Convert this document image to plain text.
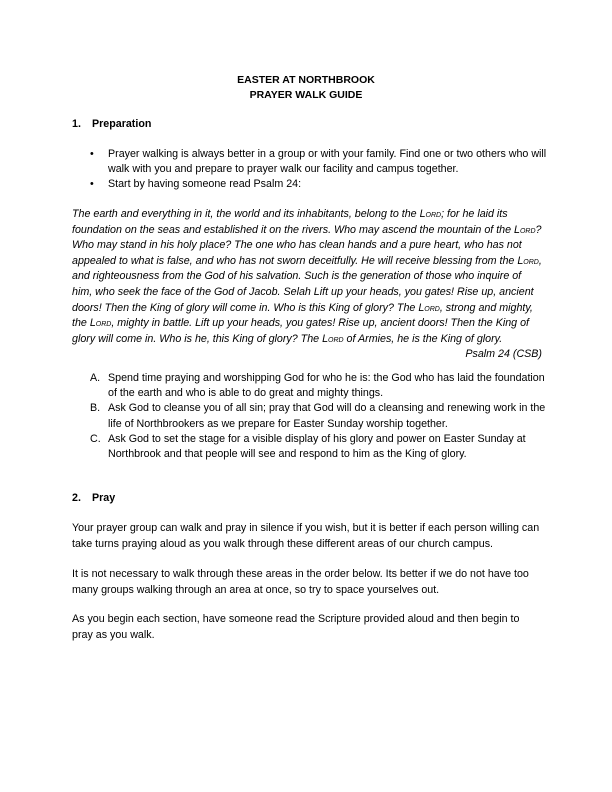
EASTER AT NORTHBROOK
PRAYER WALK GUIDE
1. Preparation
• Prayer walking is always better in a group or with your family. Find one or two others who will walk with you and prepare to prayer walk our facility and campus together.
• Start by having someone read Psalm 24:
The earth and everything in it, the world and its inhabitants, belong to the Lord; for he laid its foundation on the seas and established it on the rivers. Who may ascend the mountain of the Lord? Who may stand in his holy place? The one who has clean hands and a pure heart, who has not appealed to what is false, and who has not sworn deceitfully. He will receive blessing from the Lord, and righteousness from the God of his salvation. Such is the generation of those who inquire of him, who seek the face of the God of Jacob. Selah Lift up your heads, you gates! Rise up, ancient doors! Then the King of glory will come in. Who is this King of glory? The Lord, strong and mighty, the Lord, mighty in battle. Lift up your heads, you gates! Rise up, ancient doors! Then the King of glory will come in. Who is he, this King of glory? The Lord of Armies, he is the King of glory.
Psalm 24 (CSB)
A. Spend time praying and worshipping God for who he is: the God who has laid the foundation of the earth and who is able to do great and mighty things.
B. Ask God to cleanse you of all sin; pray that God will do a cleansing and renewing work in the life of Northbrookers as we prepare for Easter Sunday worship together.
C. Ask God to set the stage for a visible display of his glory and power on Easter Sunday at Northbrook and that people will see and respond to him as the King of glory.
2. Pray
Your prayer group can walk and pray in silence if you wish, but it is better if each person willing can take turns praying aloud as you walk through these different areas of our church campus.
It is not necessary to walk through these areas in the order below. Its better if we do not have too many groups walking through an area at once, so try to space yourselves out.
As you begin each section, have someone read the Scripture provided aloud and then begin to pray as you walk.
